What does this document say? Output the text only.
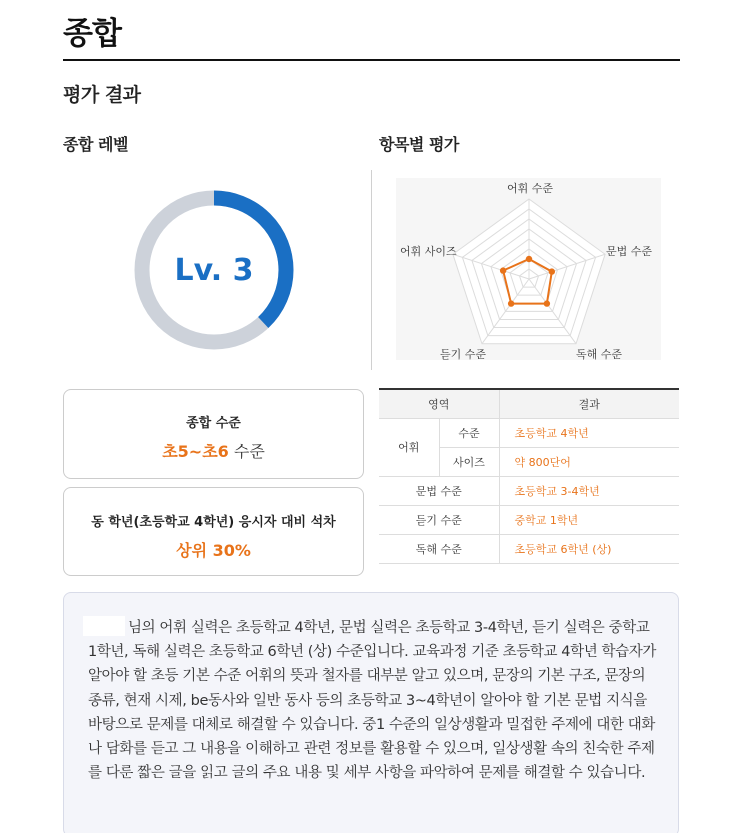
종합
평가 결과
종합 레벨	항목별 평가
Lv. 3
어휘 수준
문법 수준
독해 수준
듣기 수준
어휘 사이즈
종합 수준
초5~초6 수준
동 학년(초등학교 4학년) 응시자 대비 석차
상위 30%
영역		결과
어휘	수준	초등학교 4학년
	사이즈	약 800단어
문법 수준		초등학교 3-4학년
듣기 수준		중학교 1학년
독해 수준		초등학교 6학년 (상)
님의 어휘 실력은 초등학교 4학년, 문법 실력은 초등학교 3-4학년, 듣기 실력은 중학교 1학년, 독해 실력은 초등학교 6학년 (상) 수준입니다. 교육과정 기준 초등학교 4학년 학습자가 알아야 할 초등 기본 수준 어휘의 뜻과 철자를 대부분 알고 있으며, 문장의 기본 구조, 문장의 종류, 현재 시제, be동사와 일반 동사 등의 초등학교 3~4학년이 알아야 할 기본 문법 지식을 바탕으로 문제를 대체로 해결할 수 있습니다. 중1 수준의 일상생활과 밀접한 주제에 대한 대화나 담화를 듣고 그 내용을 이해하고 관련 정보를 활용할 수 있으며, 일상생활 속의 친숙한 주제를 다룬 짧은 글을 읽고 글의 주요 내용 및 세부 사항을 파악하여 문제를 해결할 수 있습니다.
